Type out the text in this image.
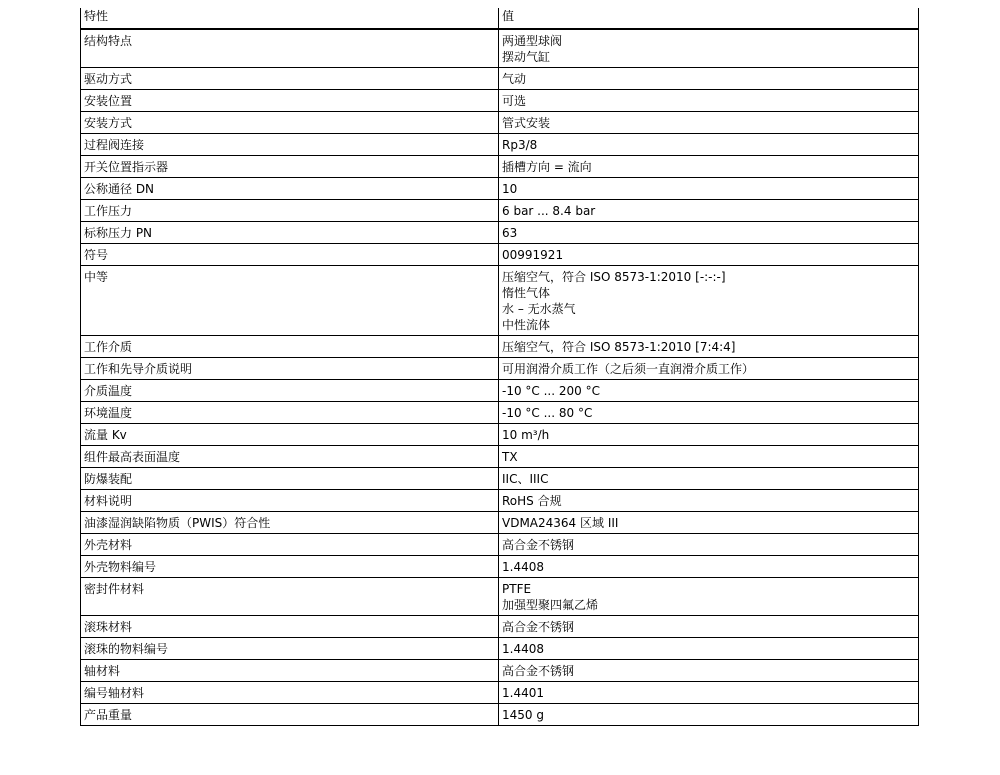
特性	值
结构特点	两通型球阀
摆动气缸

驱动方式	气动

安装位置	可选

安装方式	管式安装

过程阀连接	Rp3/8

开关位置指示器	插槽方向 = 流向

公称通径 DN	10

工作压力	6 bar ... 8.4 bar

标称压力 PN	63

符号	00991921

中等	压缩空气，符合 ISO 8573-1:2010 [-:-:-]
惰性气体
水 – 无水蒸气
中性流体

工作介质	压缩空气，符合 ISO 8573-1:2010 [7:4:4]

工作和先导介质说明	可用润滑介质工作（之后须一直润滑介质工作）

介质温度	-10 °C ... 200 °C

环境温度	-10 °C ... 80 °C

流量 Kv	10 m³/h

组件最高表面温度	TX

防爆装配	IIC、IIIC

材料说明	RoHS 合规

油漆湿润缺陷物质（PWIS）符合性	VDMA24364 区域 III

外壳材料	高合金不锈钢

外壳物料编号	1.4408

密封件材料	PTFE
加强型聚四氟乙烯

滚珠材料	高合金不锈钢

滚珠的物料编号	1.4408

轴材料	高合金不锈钢

编号轴材料	1.4401

产品重量	1450 g
